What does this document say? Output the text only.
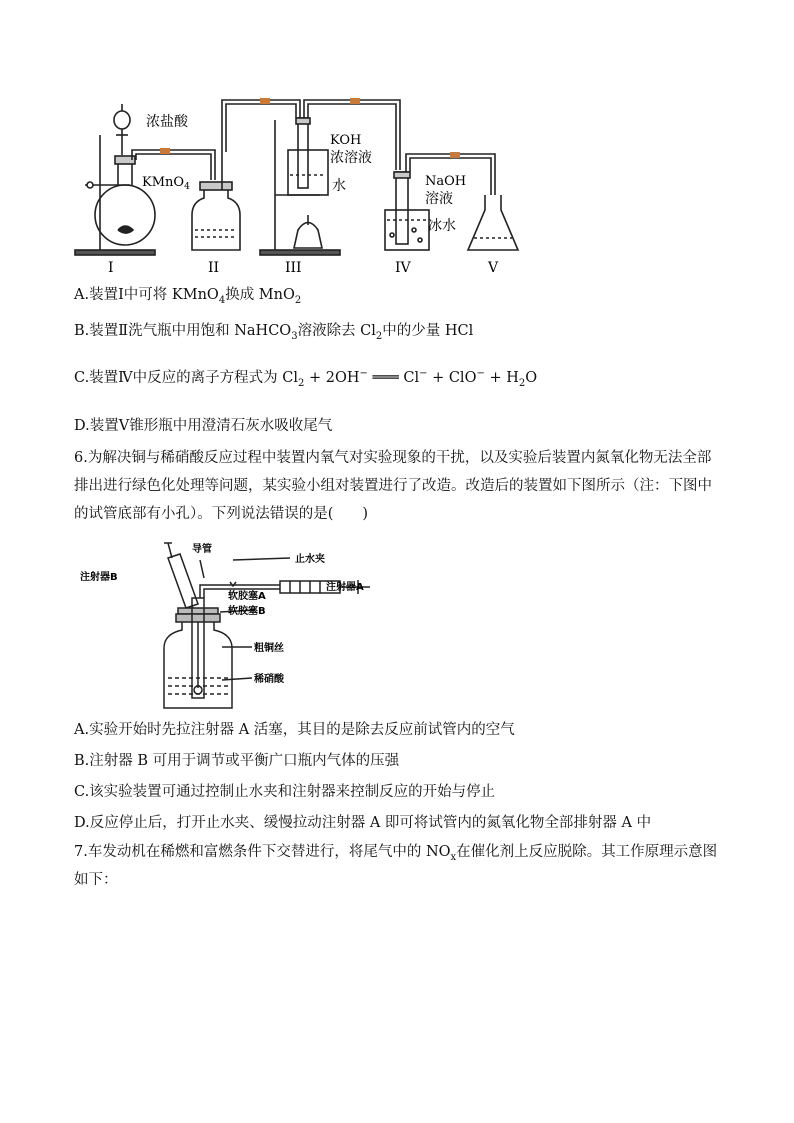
浓盐酸
KMnO$_4$
KOH
浓溶液
水	NaOH
溶液
冰水
I	II	III	IV	V
A.装置Ⅰ中可将 KMnO$_4$换成 MnO$_2$
B.装置Ⅱ洗气瓶中用饱和 NaHCO$_3$溶液除去 $Cl_2$中的少量 HCl
C.装置Ⅳ中反应的离子方程式为 $Cl_2 + 2OH^-$ ═══ $Cl^- + ClO^- + H_2O$
D.装置Ⅴ锥形瓶中用澄清石灰水吸收尾气
6.为解决铜与稀硝酸反应过程中装置内氧气对实验现象的干扰，以及实验后装置内氮氧化物无法全部排出进行绿色化处理等问题，某实验小组对装置进行了改造。改造后的装置如下图所示（注：下图中的试管底部有小孔）。下列说法错误的是(　　)
注射器B
导管
止水夹
注射器A
软胶塞A
软胶塞B
粗铜丝
稀硝酸
A.实验开始时先拉注射器 A 活塞，其目的是除去反应前试管内的空气
B.注射器 B 可用于调节或平衡广口瓶内气体的压强
C.该实验装置可通过控制止水夹和注射器来控制反应的开始与停止
D.反应停止后，打开止水夹、缓慢拉动注射器 A 即可将试管内的氮氧化物全部排射器 A 中
7.车发动机在稀燃和富燃条件下交替进行，将尾气中的 $NO_x$在催化剂上反应脱除。其工作原理示意图如下：
